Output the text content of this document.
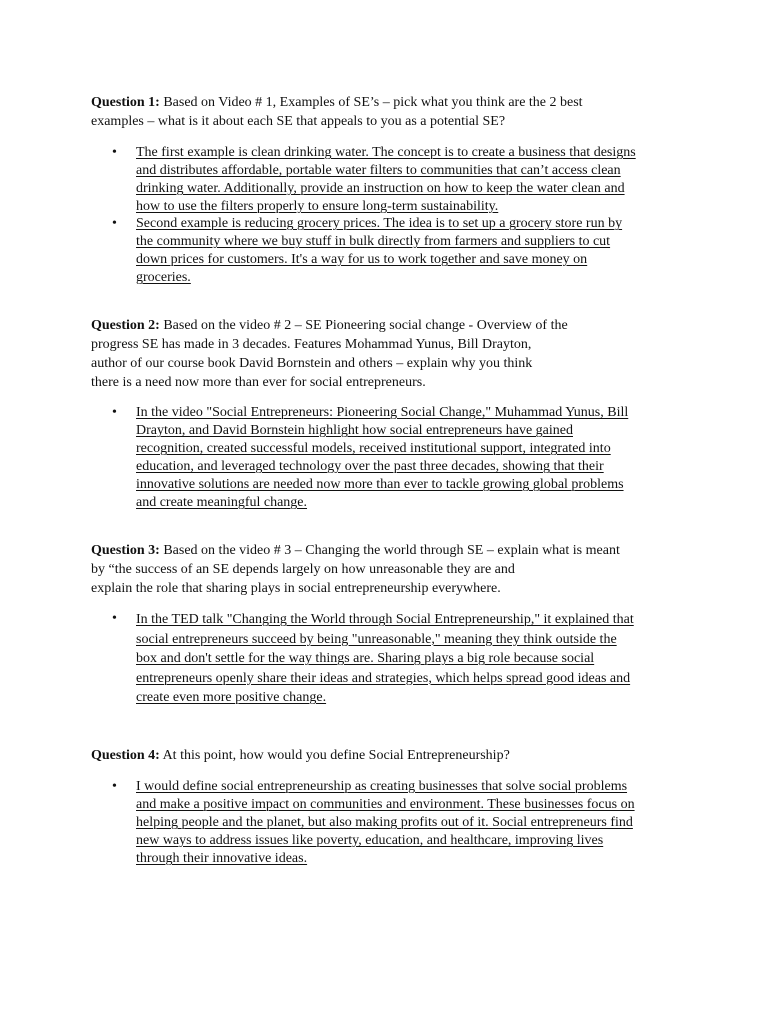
Question 1: Based on Video # 1, Examples of SE’s – pick what you think are the 2 best
examples – what is it about each SE that appeals to you as a potential SE?
• The first example is clean drinking water. The concept is to create a business that designs
and distributes affordable, portable water filters to communities that can’t access clean
drinking water. Additionally, provide an instruction on how to keep the water clean and
how to use the filters properly to ensure long-term sustainability.
• Second example is reducing grocery prices. The idea is to set up a grocery store run by
the community where we buy stuff in bulk directly from farmers and suppliers to cut
down prices for customers. It's a way for us to work together and save money on
groceries.
Question 2: Based on the video # 2 – SE Pioneering social change - Overview of the
progress SE has made in 3 decades. Features Mohammad Yunus, Bill Drayton,
author of our course book David Bornstein and others – explain why you think
there is a need now more than ever for social entrepreneurs.
• In the video "Social Entrepreneurs: Pioneering Social Change," Muhammad Yunus, Bill
Drayton, and David Bornstein highlight how social entrepreneurs have gained
recognition, created successful models, received institutional support, integrated into
education, and leveraged technology over the past three decades, showing that their
innovative solutions are needed now more than ever to tackle growing global problems
and create meaningful change.
Question 3: Based on the video # 3 – Changing the world through SE – explain what is meant
by “the success of an SE depends largely on how unreasonable they are and
explain the role that sharing plays in social entrepreneurship everywhere.
• In the TED talk "Changing the World through Social Entrepreneurship," it explained that
social entrepreneurs succeed by being "unreasonable," meaning they think outside the
box and don't settle for the way things are. Sharing plays a big role because social
entrepreneurs openly share their ideas and strategies, which helps spread good ideas and
create even more positive change.
Question 4: At this point, how would you define Social Entrepreneurship?
• I would define social entrepreneurship as creating businesses that solve social problems
and make a positive impact on communities and environment. These businesses focus on
helping people and the planet, but also making profits out of it. Social entrepreneurs find
new ways to address issues like poverty, education, and healthcare, improving lives
through their innovative ideas.
